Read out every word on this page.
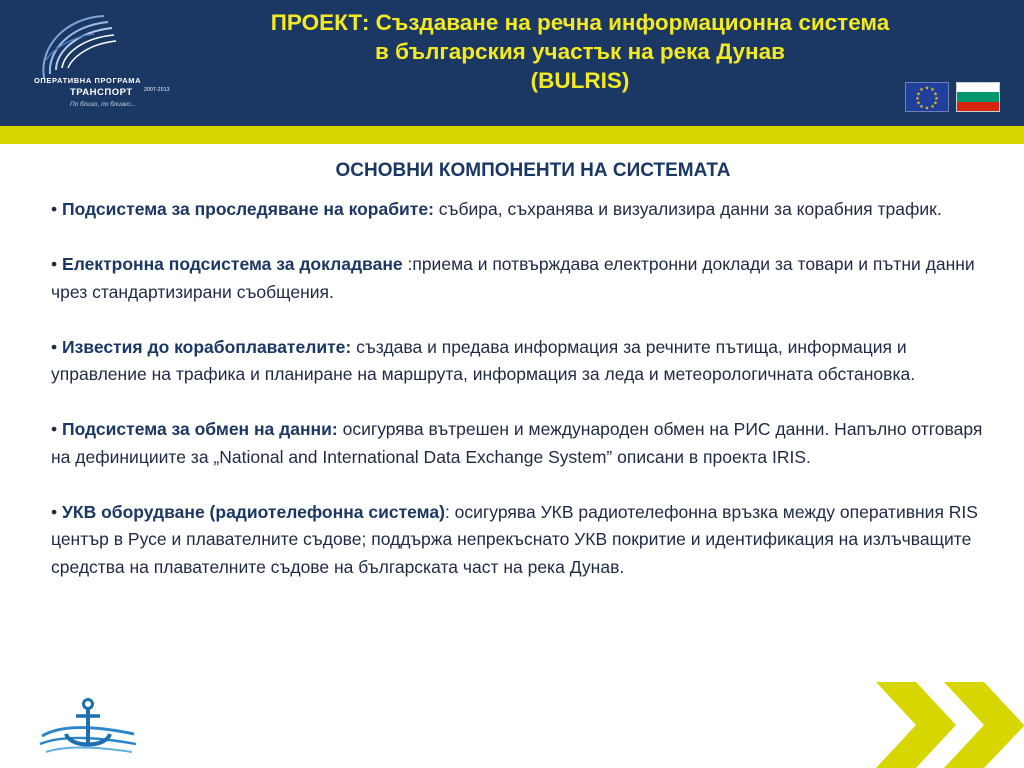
ОПЕРАТИВНА ПРОГРАМА
ТРАНСПОРТ 2007-2013
По близо, по близко...
ПРОЕКТ: Създаване на речна информационна система
в българския участък на река Дунав
(BULRIS)	★ ★
★
★
★
★
★
★
★
★
★
★
ОСНОВНИ КОМПОНЕНТИ НА СИСТЕМАТА
• Подсистема за проследяване на корабите: събира, съхранява и визуализира данни за корабния трафик.
• Електронна подсистема за докладване :приема и потвърждава електронни доклади за товари и пътни данни чрез стандартизирани съобщения.
• Известия до корабоплавателите: създава и предава информация за речните пътища, информация и управление на трафика и планиране на маршрута, информация за леда и метеорологичната обстановка.
• Подсистема за обмен на данни: осигурява вътрешен и международен обмен на РИС данни. Напълно отговаря на дефинициите за „National and International Data Exchange System” описани в проекта IRIS.
• УКВ оборудване (радиотелефонна система): осигурява УКВ радиотелефонна връзка между оперативния RIS център в Русе и плавателните съдове; поддържа непрекъснато УКВ покритие и идентификация на излъчващите средства на плавателните съдове на българската част на река Дунав.
